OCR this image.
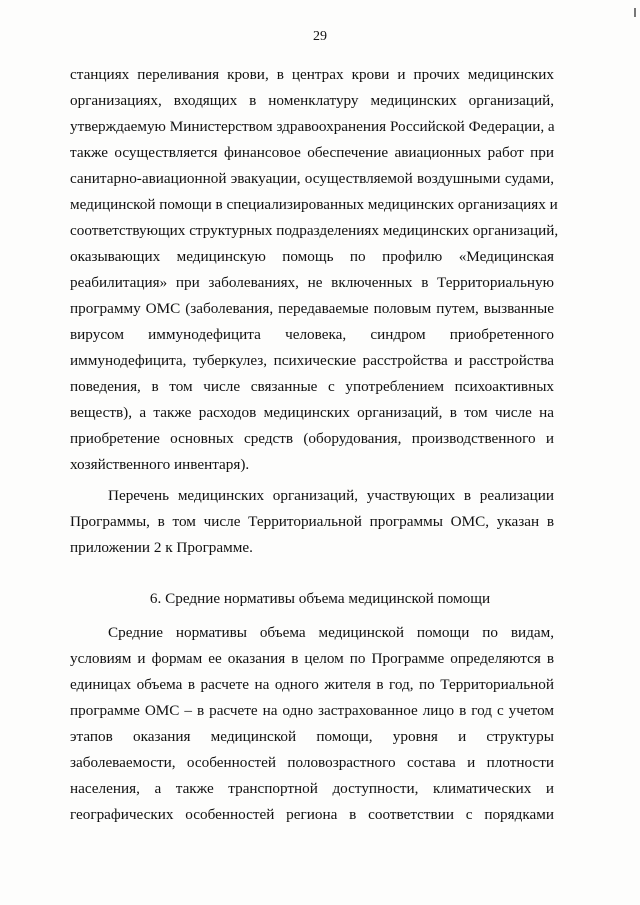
29
станциях переливания крови, в центрах крови и прочих медицинских
организациях, входящих в номенклатуру медицинских организаций,
утверждаемую Министерством здравоохранения Российской Федерации, а
также осуществляется финансовое обеспечение авиационных работ при
санитарно-авиационной эвакуации, осуществляемой воздушными судами,
медицинской помощи в специализированных медицинских организациях и
соответствующих структурных подразделениях медицинских организаций,
оказывающих медицинскую помощь по профилю «Медицинская
реабилитация» при заболеваниях, не включенных в Территориальную
программу ОМС (заболевания, передаваемые половым путем, вызванные
вирусом иммунодефицита человека, синдром приобретенного
иммунодефицита, туберкулез, психические расстройства и расстройства
поведения, в том числе связанные с употреблением психоактивных
веществ), а также расходов медицинских организаций, в том числе на
приобретение основных средств (оборудования, производственного и
хозяйственного инвентаря).
Перечень медицинских организаций, участвующих в реализации
Программы, в том числе Территориальной программы ОМС, указан в
приложении 2 к Программе.
6. Средние нормативы объема медицинской помощи
Средние нормативы объема медицинской помощи по видам,
условиям и формам ее оказания в целом по Программе определяются в
единицах объема в расчете на одного жителя в год, по Территориальной
программе ОМС – в расчете на одно застрахованное лицо в год с учетом
этапов оказания медицинской помощи, уровня и структуры
заболеваемости, особенностей половозрастного состава и плотности
населения, а также транспортной доступности, климатических и
географических особенностей региона в соответствии с порядками
